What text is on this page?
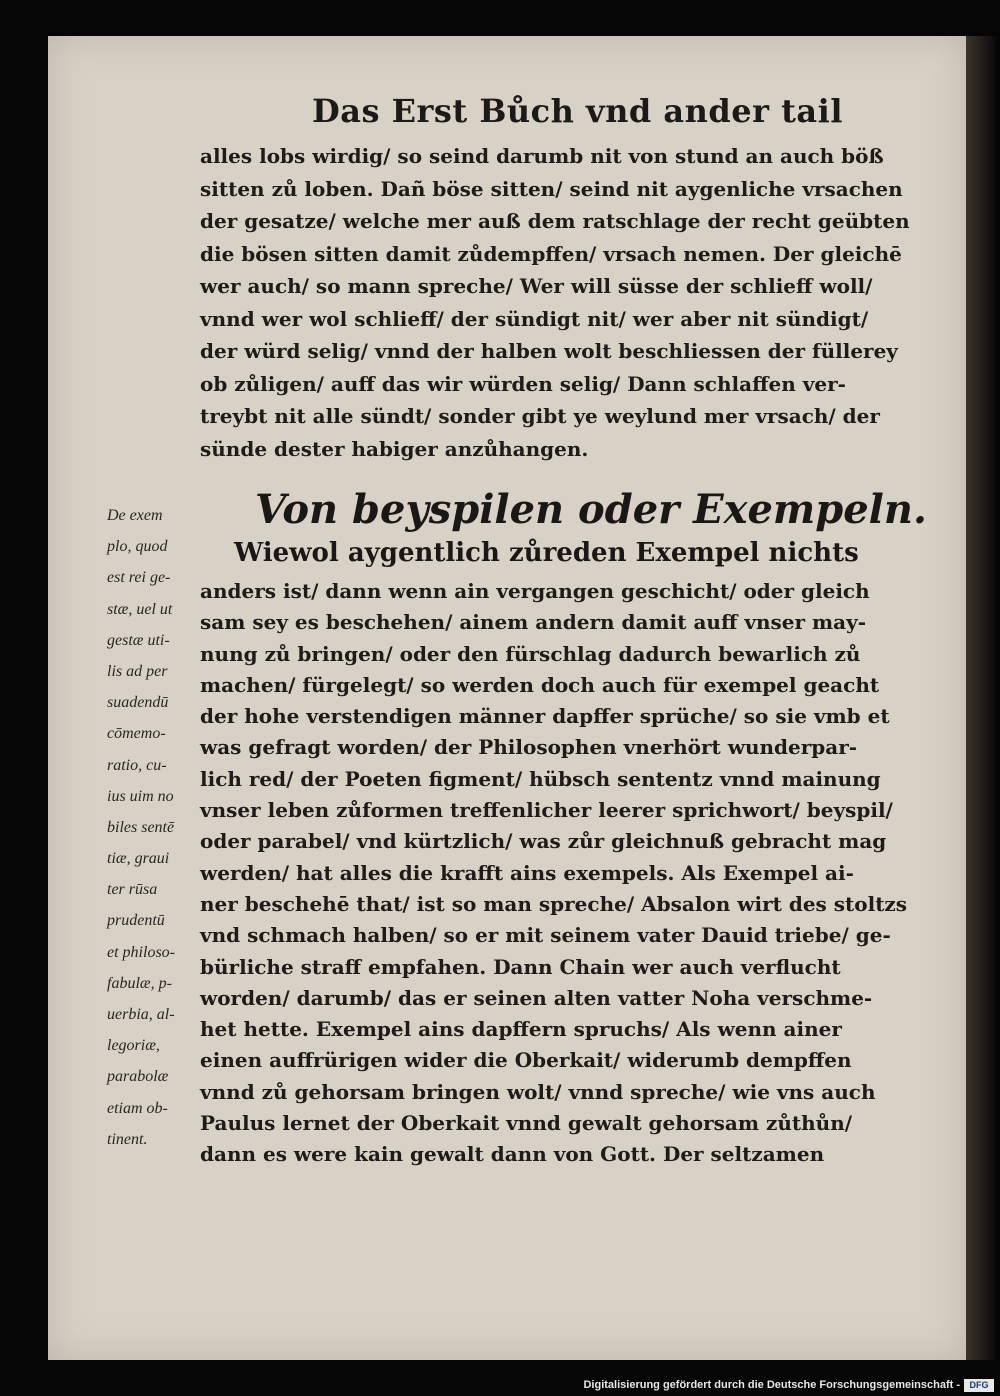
Das Erst Bůch vnd ander tail
alles lobs wirdig/ so seind darumb nit von stund an auch böß
sitten zů loben. Dañ böse sitten/ seind nit aygenliche vrsachen
der gesatze/ welche mer auß dem ratschlage der recht geübten
die bösen sitten damit zůdempffen/ vrsach nemen. Der gleichē
wer auch/ so mann spreche/ Wer will süsse der schlieff woll/
vnnd wer wol schlieff/ der sündigt nit/ wer aber nit sündigt/
der würd selig/ vnnd der halben wolt beschliessen der füllerey
ob zůligen/ auff das wir würden selig/ Dann schlaffen ver-
treybt nit alle sündt/ sonder gibt ye weylund mer vrsach/ der
sünde dester habiger anzůhangen.
Von beyspilen oder Exempeln.
Wiewol aygentlich zůreden Exempel nichts
anders ist/ dann wenn ain vergangen geschicht/ oder gleich
sam sey es beschehen/ ainem andern damit auff vnser may-
nung zů bringen/ oder den fürschlag dadurch bewarlich zů
machen/ fürgelegt/ so werden doch auch für exempel geacht
der hohe verstendigen männer dapffer sprüche/ so sie vmb et
was gefragt worden/ der Philosophen vnerhört wunderpar-
lich red/ der Poeten figment/ hübsch sententz vnnd mainung
vnser leben zůformen treffenlicher leerer sprichwort/ beyspil/
oder parabel/ vnd kürtzlich/ was zůr gleichnuß gebracht mag
werden/ hat alles die krafft ains exempels. Als Exempel ai-
ner beschehē that/ ist so man spreche/ Absalon wirt des stoltzs
vnd schmach halben/ so er mit seinem vater Dauid triebe/ ge-
bürliche straff empfahen. Dann Chain wer auch verflucht
worden/ darumb/ das er seinen alten vatter Noha verschme-
het hette. Exempel ains dapffern spruchs/ Als wenn ainer
einen auffrürigen wider die Oberkait/ widerumb dempffen
vnnd zů gehorsam bringen wolt/ vnnd spreche/ wie vns auch
Paulus lernet der Oberkait vnnd gewalt gehorsam zůthůn/
dann es were kain gewalt dann von Gott. Der seltzamen
De exem
plo, quod
est rei ge-
stæ, uel ut
gestæ uti-
lis ad per
suadendū
cōmemo-
ratio, cu-
ius uim no
biles sentē
tiæ, graui
ter rūsa
prudentū
et philoso-
fabulæ, p-
uerbia, al-
legoriæ,
parabolæ
etiam ob-
tinent.
Digitalisierung gefördert durch die Deutsche Forschungsgemeinschaft -	DFG
